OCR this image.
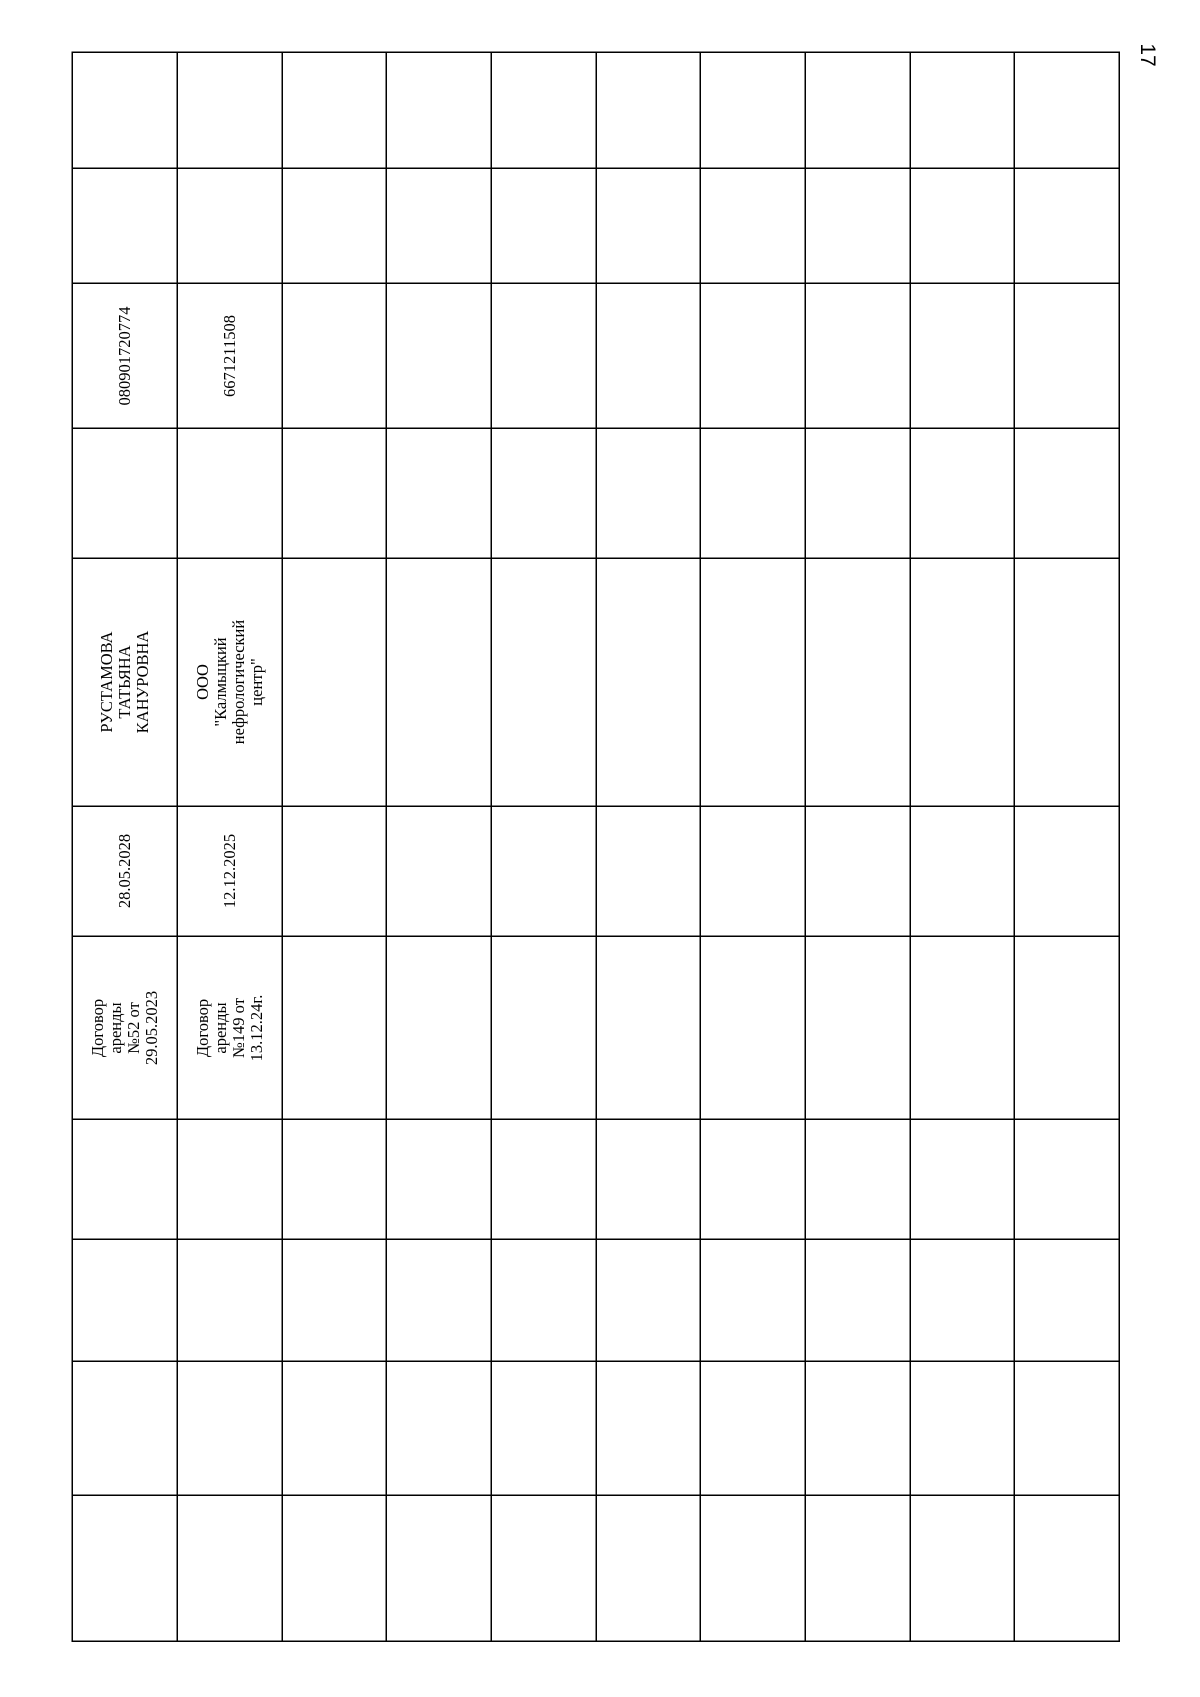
17
080901720774
РУСТАМОВА ТАТЬЯНА
КАНУРОВНА
28.05.2028
Договор аренды
№52 от 29.05.2023
6671211508
ООО "Калмыцкий
нефрологический центр"
12.12.2025
Договор аренды
№149 от 13.12.24г.
